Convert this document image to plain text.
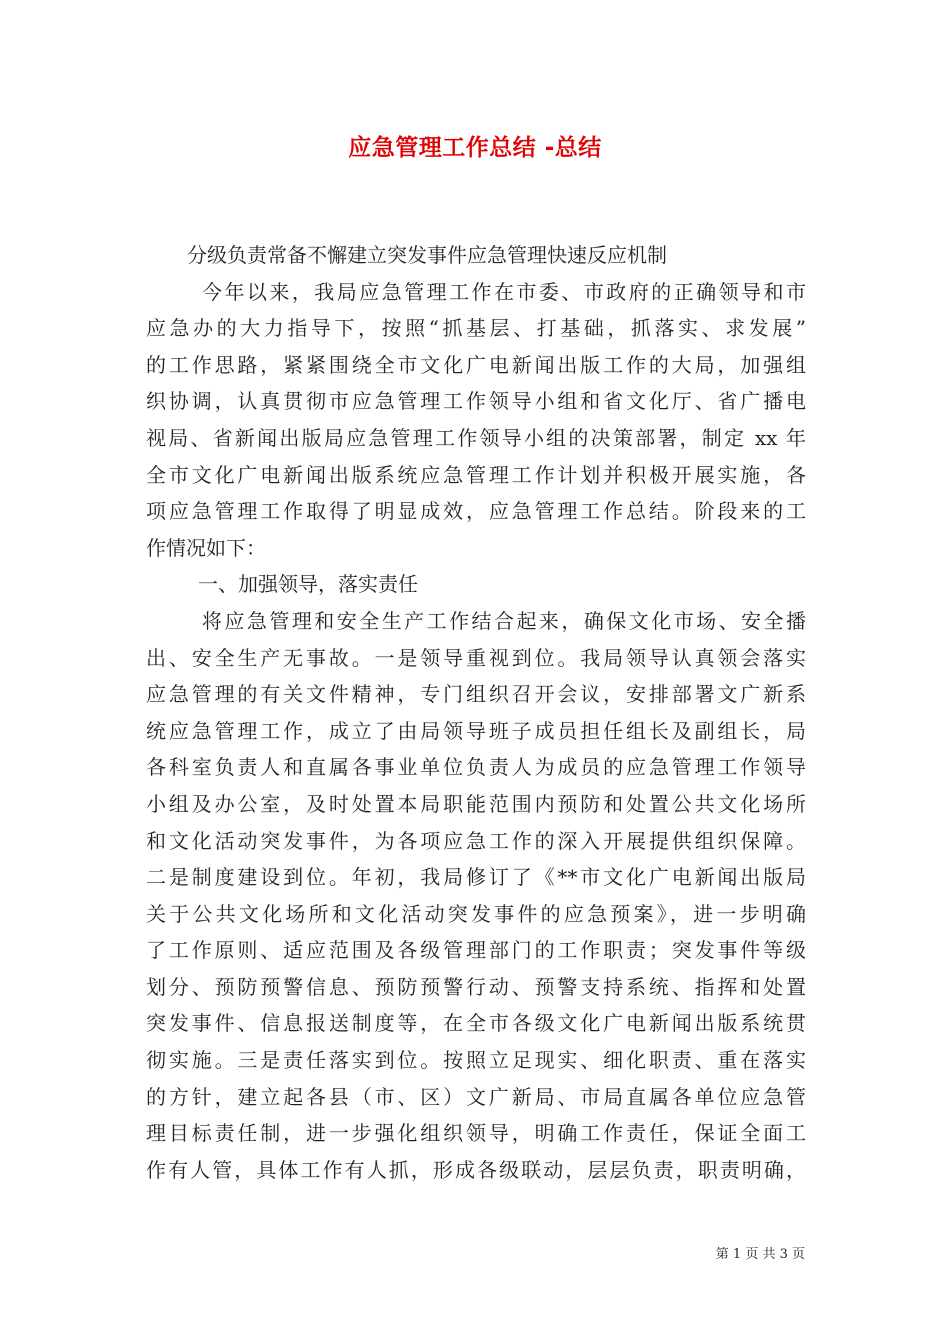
应急管理工作总结 -总结
分级负责常备不懈建立突发事件应急管理快速反应机制
今年以来，我局应急管理工作在市委、市政府的正确领导和市
应急办的大力指导下，按照“抓基层、打基础，抓落实、求发展”
的工作思路，紧紧围绕全市文化广电新闻出版工作的大局，加强组
织协调，认真贯彻市应急管理工作领导小组和省文化厅、省广播电
视局、省新闻出版局应急管理工作领导小组的决策部署，制定 xx 年
全市文化广电新闻出版系统应急管理工作计划并积极开展实施，各
项应急管理工作取得了明显成效，应急管理工作总结。阶段来的工
作情况如下：
一、加强领导，落实责任
将应急管理和安全生产工作结合起来，确保文化市场、安全播
出、安全生产无事故。一是领导重视到位。我局领导认真领会落实
应急管理的有关文件精神，专门组织召开会议，安排部署文广新系
统应急管理工作，成立了由局领导班子成员担任组长及副组长，局
各科室负责人和直属各事业单位负责人为成员的应急管理工作领导
小组及办公室，及时处置本局职能范围内预防和处置公共文化场所
和文化活动突发事件，为各项应急工作的深入开展提供组织保障。
二是制度建设到位。年初，我局修订了《**市文化广电新闻出版局
关于公共文化场所和文化活动突发事件的应急预案》，进一步明确
了工作原则、适应范围及各级管理部门的工作职责；突发事件等级
划分、预防预警信息、预防预警行动、预警支持系统、指挥和处置
突发事件、信息报送制度等，在全市各级文化广电新闻出版系统贯
彻实施。三是责任落实到位。按照立足现实、细化职责、重在落实
的方针，建立起各县（市、区）文广新局、市局直属各单位应急管
理目标责任制，进一步强化组织领导，明确工作责任，保证全面工
作有人管，具体工作有人抓，形成各级联动，层层负责，职责明确，
第 1 页 共 3 页
